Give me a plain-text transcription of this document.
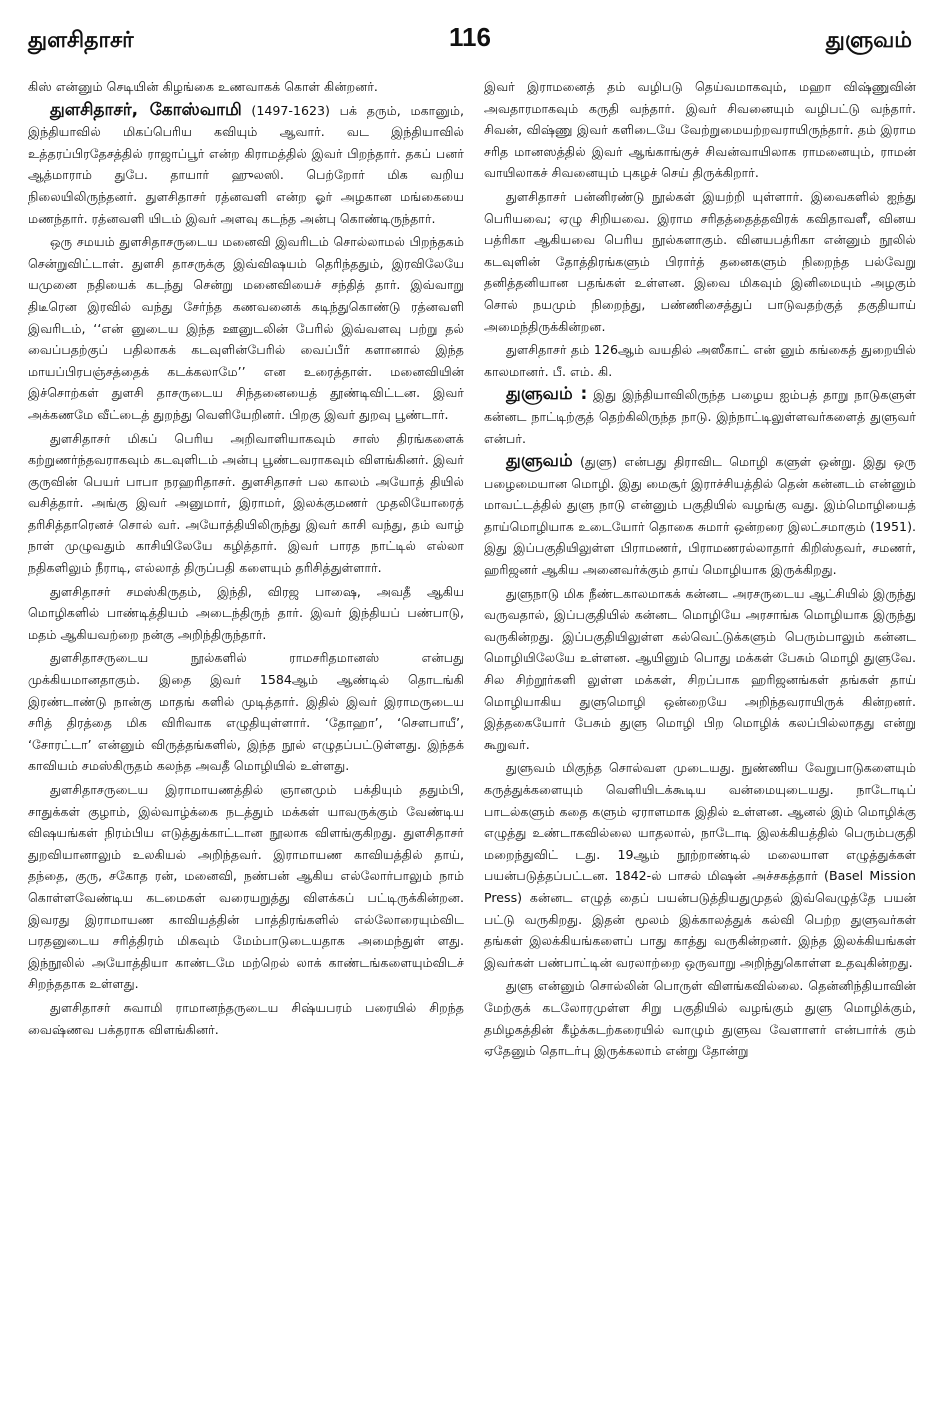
துளசிதாசர்	116	துளுவம்

கிஸ் என்னும் செடியின் கிழங்கை உணவாகக் கொள் கின்றனர்.

துளசிதாசர், கோஸ்வாமி (1497-1623) பக் தரும், மகானும், இந்தியாவில் மிகப்பெரிய கவியும் ஆவார். வட இந்தியாவில் உத்தரப்பிரதேசத்தில் ராஜாப்பூர் என்ற கிராமத்தில் இவர் பிறந்தார். தகப் பனர் ஆத்மாராம் துபே. தாயார் ஹுலஸி. பெற்றோர் மிக வறிய நிலையிலிருந்தனர். துளசிதாசர் ரத்னவளி என்ற ஓர் அழகான மங்கையை மணந்தார். ரத்னவளி யிடம் இவர் அளவு கடந்த அன்பு கொண்டிருந்தார்.

ஒரு சமயம் துளசிதாசருடைய மனைவி இவரிடம் சொல்லாமல் பிறந்தகம் சென்றுவிட்டாள். துளசி தாசருக்கு இவ்விஷயம் தெரிந்ததும், இரவிலேயே யமுனை நதியைக் கடந்து சென்று மனைவியைச் சந்தித் தார். இவ்வாறு திடீரென இரவில் வந்து சேர்ந்த கணவனைக் கடிந்துகொண்டு ரத்னவளி இவரிடம், ‘‘என் னுடைய இந்த ஊனுடலின் பேரில் இவ்வளவு பற்று தல் வைப்பதற்குப் பதிலாகக் கடவுளின்பேரில் வைப்பீர் களானால் இந்த மாயப்பிரபஞ்சத்தைக் கடக்கலாமே’’ என உரைத்தாள். மனைவியின் இச்சொற்கள் துளசி தாசருடைய சிந்தனையைத் தூண்டிவிட்டன. இவர் அக்கணமே வீட்டைத் துறந்து வெளியேறினர். பிறகு இவர் துறவு பூண்டார்.

துளசிதாசர் மிகப் பெரிய அறிவாளியாகவும் சாஸ் திரங்களைக் கற்றுணர்ந்தவராகவும் கடவுளிடம் அன்பு பூண்டவராகவும் விளங்கினர். இவர் குருவின் பெயர் பாபா நரஹரிதாசர். துளசிதாசர் பல காலம் அயோத் தியில் வசித்தார். அங்கு இவர் அனுமார், இராமர், இலக்குமணர் முதலியோரைத் தரிசித்தாரெனச் சொல் வர். அயோத்தியிலிருந்து இவர் காசி வந்து, தம் வாழ் நாள் முழுவதும் காசியிலேயே கழித்தார். இவர் பாரத நாட்டில் எல்லா நதிகளிலும் நீராடி, எல்லாத் திருப்பதி களையும் தரிசித்துள்ளார்.

துளசிதாசர் சமஸ்கிருதம், இந்தி, விரஜ பாஷை, அவதீ ஆகிய மொழிகளில் பாண்டித்தியம் அடைந்திருந் தார். இவர் இந்தியப் பண்பாடு, மதம் ஆகியவற்றை நன்கு அறிந்திருந்தார்.

துளசிதாசருடைய நூல்களில் ராமசரிதமானஸ் என்பது முக்கியமானதாகும். இதை இவர் 1584ஆம் ஆண்டில் தொடங்கி இரண்டாண்டு நான்கு மாதங் களில் முடித்தார். இதில் இவர் இராமருடைய சரித் திரத்தை மிக விரிவாக எழுதியுள்ளார். ‘தோஹா’, ‘சௌபாயீ’, ‘சோரட்டா’ என்னும் விருத்தங்களில், இந்த நூல் எழுதப்பட்டுள்ளது. இந்தக் காவியம் சமஸ்கிருதம் கலந்த அவதீ மொழியில் உள்ளது.

துளசிதாசருடைய இராமாயணத்தில் ஞானமும் பக்தியும் ததும்பி, சாதுக்கள் குழாம், இல்வாழ்க்கை நடத்தும் மக்கள் யாவருக்கும் வேண்டிய விஷயங்கள் நிரம்பிய எடுத்துக்காட்டான நூலாக விளங்குகிறது. துளசிதாசர் துறவியானாலும் உலகியல் அறிந்தவர். இராமாயண காவியத்தில் தாய், தந்தை, குரு, சகோத ரன், மனைவி, நண்பன் ஆகிய எல்லோர்பாலும் நாம் கொள்ளவேண்டிய கடமைகள் வரையறுத்து விளக்கப் பட்டிருக்கின்றன. இவரது இராமாயண காவியத்தின் பாத்திரங்களில் எல்லோரையும்விட பரதனுடைய சரித்திரம் மிகவும் மேம்பாடுடையதாக அமைந்துள் ளது. இந்நூலில் அயோத்தியா காண்டமே மற்றெல் லாக் காண்டங்களையும்விடச் சிறந்ததாக உள்ளது.

துளசிதாசர் சுவாமி ராமானந்தருடைய சிஷ்யபரம் பரையில் சிறந்த வைஷ்ணவ பக்தராக விளங்கினர்.

இவர் இராமனைத் தம் வழிபடு தெய்வமாகவும், மஹா விஷ்ணுவின் அவதாரமாகவும் கருதி வந்தார். இவர் சிவனையும் வழிபட்டு வந்தார். சிவன், விஷ்ணு இவர் களிடையே வேற்றுமையற்றவராயிருந்தார். தம் இராம சரித மானஸத்தில் இவர் ஆங்காங்குச் சிவன்வாயிலாக ராமனையும், ராமன் வாயிலாகச் சிவனையும் புகழச் செய் திருக்கிறார்.

துளசிதாசர் பன்னிரண்டு நூல்கள் இயற்றி யுள்ளார். இவைகளில் ஐந்து பெரியவை; ஏழு சிறியவை. இராம சரிதத்தைத்தவிரக் கவிதாவளீ, வினய பத்ரிகா ஆகியவை பெரிய நூல்களாகும். வினயபத்ரிகா என்னும் நூலில் கடவுளின் தோத்திரங்களும் பிரார்த் தனைகளும் நிறைந்த பல்வேறு தனித்தனியான பதங்கள் உள்ளன. இவை மிகவும் இனிமையும் அழகும் சொல் நயமும் நிறைந்து, பண்ணிசைத்துப் பாடுவதற்குத் தகுதியாய் அமைந்திருக்கின்றன.

துளசிதாசர் தம் 126ஆம் வயதில் அஸீகாட் என் னும் கங்கைத் துறையில் காலமானர். பீ. எம். கி.

துளுவம் : இது இந்தியாவிலிருந்த பழைய ஐம்பத் தாறு நாடுகளுள் கன்னட நாட்டிற்குத் தெற்கிலிருந்த நாடு. இந்நாட்டிலுள்ளவர்களைத் துளுவர் என்பர்.

துளுவம் (துளு) என்பது திராவிட மொழி களுள் ஒன்று. இது ஒரு பழைமையான மொழி. இது மைசூர் இராச்சியத்தில் தென் கன்னடம் என்னும் மாவட்டத்தில் துளு நாடு என்னும் பகுதியில் வழங்கு வது. இம்மொழியைத் தாய்மொழியாக உடையோர் தொகை சுமார் ஒன்றரை இலட்சமாகும் (1951). இது இப்பகுதியிலுள்ள பிராமணர், பிராமணரல்லாதார் கிறிஸ்தவர், சமணர், ஹரிஜனர் ஆகிய அனைவர்க்கும் தாய் மொழியாக இருக்கிறது.

துளுநாடு மிக நீண்டகாலமாகக் கன்னட அரசருடைய ஆட்சியில் இருந்து வருவதால், இப்பகுதியில் கன்னட மொழியே அரசாங்க மொழியாக இருந்து வருகின்றது. இப்பகுதியிலுள்ள கல்வெட்டுக்களும் பெரும்பாலும் கன்னட மொழியிலேயே உள்ளன. ஆயினும் பொது மக்கள் பேசும் மொழி துளுவே. சில சிற்றூர்களி லுள்ள மக்கள், சிறப்பாக ஹரிஜனங்கள் தங்கள் தாய் மொழியாகிய துளுமொழி ஒன்றையே அறிந்தவராயிருக் கின்றனர். இத்தகையோர் பேசும் துளு மொழி பிற மொழிக் கலப்பில்லாதது என்று கூறுவர்.

துளுவம் மிகுந்த சொல்வள முடையது. நுண்ணிய வேறுபாடுகளையும் கருத்துக்களையும் வெளியிடக்கூடிய வன்மையுடையது. நாடோடிப் பாடல்களும் கதை களும் ஏராளமாக இதில் உள்ளன. ஆனல் இம் மொழிக்கு எழுத்து உண்டாகவில்லை யாதலால், நாடோடி இலக்கியத்தில் பெரும்பகுதி மறைந்துவிட் டது. 19ஆம் நூற்றாண்டில் மலையாள எழுத்துக்கள் பயன்படுத்தப்பட்டன. 1842-ல் பாசல் மிஷன் அச்சகத்தார் (Basel Mission Press) கன்னட எழுத் தைப் பயன்படுத்தியதுமுதல் இவ்வெழுத்தே பயன் பட்டு வருகிறது. இதன் மூலம் இக்காலத்துக் கல்வி பெற்ற துளுவர்கள் தங்கள் இலக்கியங்களைப் பாது காத்து வருகின்றனர். இந்த இலக்கியங்கள் இவர்கள் பண்பாட்டின் வரலாற்றை ஒருவாறு அறிந்துகொள்ள உதவுகின்றது.

துளு என்னும் சொல்லின் பொருள் விளங்கவில்லை. தென்னிந்தியாவின் மேற்குக் கடலோரமுள்ள சிறு பகுதியில் வழங்கும் துளு மொழிக்கும், தமிழகத்தின் கீழ்க்கடற்கரையில் வாழும் துளுவ வேளாளர் என்பார்க் கும் ஏதேனும் தொடர்பு இருக்கலாம் என்று தோன்று
